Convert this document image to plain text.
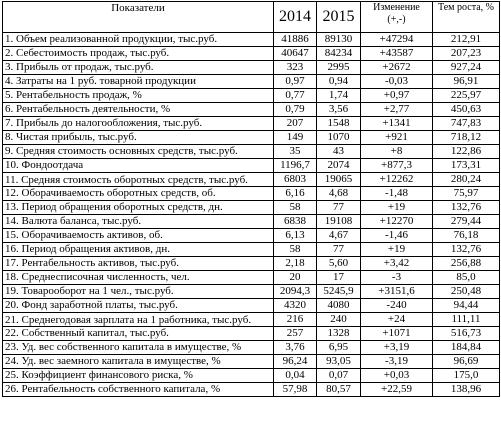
Показатели	2014	2015	Изменение (+,-)	Тем роста, %
1. Объем реализованной продукции, тыс.руб.	41886	89130	+47294	212,91
2. Себестоимость продаж, тыс.руб.	40647	84234	+43587	207,23
3. Прибыль от продаж, тыс.руб.	323	2995	+2672	927,24
4. Затраты на 1 руб. товарной продукции	0,97	0,94	-0,03	96,91
5. Рентабельность продаж, %	0,77	1,74	+0,97	225,97
6. Рентабельность деятельности, %	0,79	3,56	+2,77	450,63
7. Прибыль до налогообложения, тыс.руб.	207	1548	+1341	747,83
8. Чистая прибыль, тыс.руб.	149	1070	+921	718,12
9. Средняя стоимость основных средств, тыс.руб.	35	43	+8	122,86
10. Фондоотдача	1196,7	2074	+877,3	173,31
11. Средняя стоимость оборотных средств, тыс.руб.	6803	19065	+12262	280,24
12. Оборачиваемость оборотных средств, об.	6,16	4,68	-1,48	75,97
13. Период обращения оборотных средств, дн.	58	77	+19	132,76
14. Валюта баланса, тыс.руб.	6838	19108	+12270	279,44
15. Оборачиваемость активов, об.	6,13	4,67	-1,46	76,18
16. Период обращения активов, дн.	58	77	+19	132,76
17. Рентабельность активов, тыс.руб.	2,18	5,60	+3,42	256,88
18. Среднесписочная численность, чел.	20	17	-3	85,0
19. Товарооборот на 1 чел., тыс.руб.	2094,3	5245,9	+3151,6	250,48
20. Фонд заработной платы, тыс.руб.	4320	4080	-240	94,44
21. Среднегодовая зарплата на 1 работника, тыс.руб.	216	240	+24	111,11
22. Собственный капитал, тыс.руб.	257	1328	+1071	516,73
23. Уд. вес собственного капитала в имуществе, %	3,76	6,95	+3,19	184,84
24. Уд. вес заемного капитала в имуществе, %	96,24	93,05	-3,19	96,69
25. Коэффициент финансового риска, %	0,04	0,07	+0,03	175,0
26. Рентабельность собственного капитала, %	57,98	80,57	+22,59	138,96
